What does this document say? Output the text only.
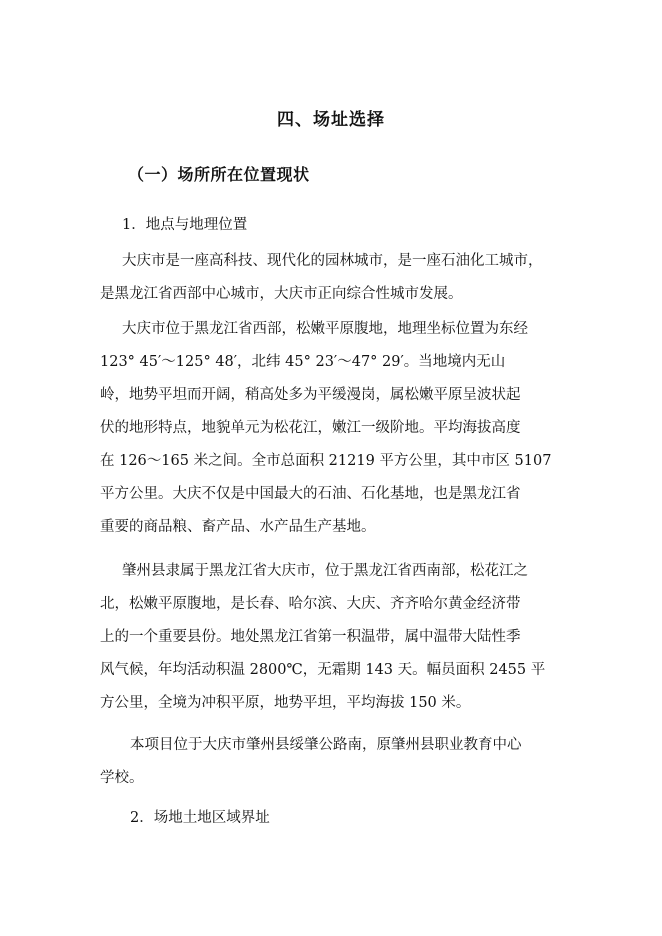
四、场址选择
（一）场所所在位置现状
1．地点与地理位置
大庆市是一座高科技、现代化的园林城市，是一座石油化工城市，
是黑龙江省西部中心城市，大庆市正向综合性城市发展。
大庆市位于黑龙江省西部，松嫩平原腹地，地理坐标位置为东经
123° 45′～125° 48′，北纬 45° 23′～47° 29′。当地境内无山
岭，地势平坦而开阔，稍高处多为平缓漫岗，属松嫩平原呈波状起
伏的地形特点，地貌单元为松花江，嫩江一级阶地。平均海拔高度
在 126～165 米之间。全市总面积 21219 平方公里，其中市区 5107
平方公里。大庆不仅是中国最大的石油、石化基地，也是黑龙江省
重要的商品粮、畜产品、水产品生产基地。
肇州县隶属于黑龙江省大庆市，位于黑龙江省西南部，松花江之
北，松嫩平原腹地，是长春、哈尔滨、大庆、齐齐哈尔黄金经济带
上的一个重要县份。地处黑龙江省第一积温带，属中温带大陆性季
风气候，年均活动积温 2800℃，无霜期 143 天。幅员面积 2455 平
方公里，全境为冲积平原，地势平坦，平均海拔 150 米。
本项目位于大庆市肇州县绥肇公路南，原肇州县职业教育中心
学校。
2．场地土地区域界址
